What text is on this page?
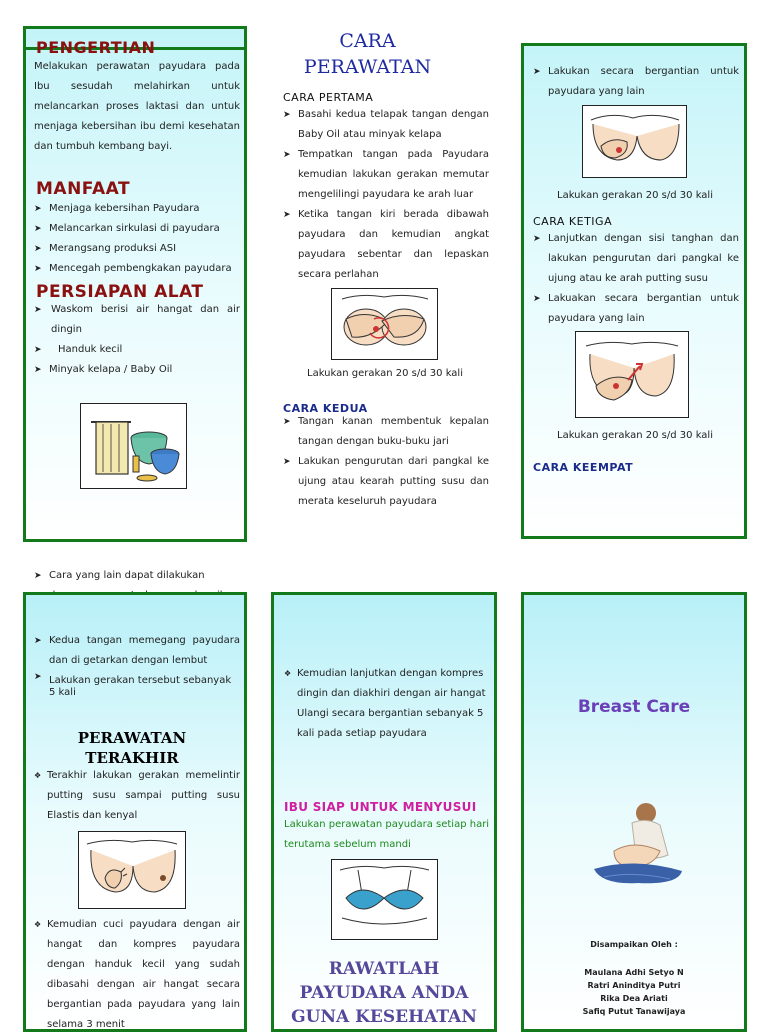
PENGERTIAN
Melakukan perawatan payudara pada Ibu sesudah melahirkan untuk melancarkan proses laktasi dan untuk menjaga kebersihan ibu demi kesehatan dan tumbuh kembang bayi.
MANFAAT
➤ Menjaga kebersihan Payudara
➤ Melancarkan sirkulasi di payudara
➤ Merangsang produksi ASI
➤ Mencegah pembengkakan payudara
PERSIAPAN ALAT
➤ Waskom berisi air hangat dan air dingin
➤ Handuk kecil
➤ Minyak kelapa / Baby Oil
CARA
PERAWATAN
CARA PERTAMA
➤ Basahi kedua telapak tangan dengan Baby Oil atau minyak kelapa
➤ Tempatkan tangan pada Payudara kemudian lakukan gerakan memutar mengelilingi payudara ke arah luar
➤ Ketika tangan kiri berada dibawah payudara dan kemudian angkat payudara sebentar dan lepaskan secara perlahan
Lakukan gerakan 20 s/d 30 kali
CARA KEDUA
➤ Tangan kanan membentuk kepalan tangan dengan buku-buku jari
➤ Lakukan pengurutan dari pangkal ke ujung atau kearah putting susu dan merata keseluruh payudara
➤ Lakukan secara bergantian untuk payudara yang lain
Lakukan gerakan 20 s/d 30 kali
CARA KETIGA
➤ Lanjutkan dengan sisi tanghan dan lakukan pengurutan dari pangkal ke ujung atau ke arah putting susu
➤ Lakuakan secara bergantian untuk payudara yang lain
Lakukan gerakan 20 s/d 30 kali
CARA KEEMPAT
➤ Cara yang lain dapat dilakukan
➤ Kedua tangan memegang payudara dan di getarkan dengan lembut
➤ Lakukan gerakan tersebut sebanyak 5 kali
PERAWATAN
TERAKHIR
❖ Terakhir lakukan gerakan memelintir putting susu sampai putting susu Elastis dan kenyal
❖ Kemudian cuci payudara dengan air hangat dan kompres payudara dengan handuk kecil yang sudah dibasahi dengan air hangat secara bergantian pada payudara yang lain selama 3 menit
❖ Kemudian lanjutkan dengan kompres dingin dan diakhiri dengan air hangat Ulangi secara bergantian sebanyak 5 kali pada setiap payudara
IBU SIAP UNTUK MENYUSUI
Lakukan perawatan payudara setiap hari terutama sebelum mandi
RAWATLAH
PAYUDARA ANDA
GUNA KESEHATAN
Breast Care
Disampaikan Oleh :
Maulana Adhi Setyo N
Ratri Aninditya Putri
Rika Dea Ariati
Safiq Putut Tanawijaya
